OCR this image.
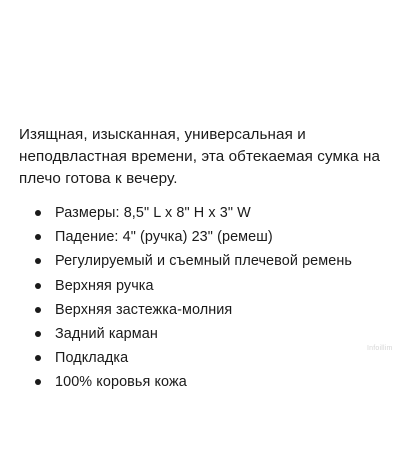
Изящная, изысканная, универсальная и неподвластная времени, эта обтекаемая сумка на плечо готова к вечеру.

Размеры: 8,5" L x 8" H x 3" W
Падение: 4" (ручка) 23" (ремеш)
Регулируемый и съемный плечевой ремень
Верхняя ручка
Верхняя застежка-молния
Задний карман
Подкладка
100% коровья кожа
Infoillim
